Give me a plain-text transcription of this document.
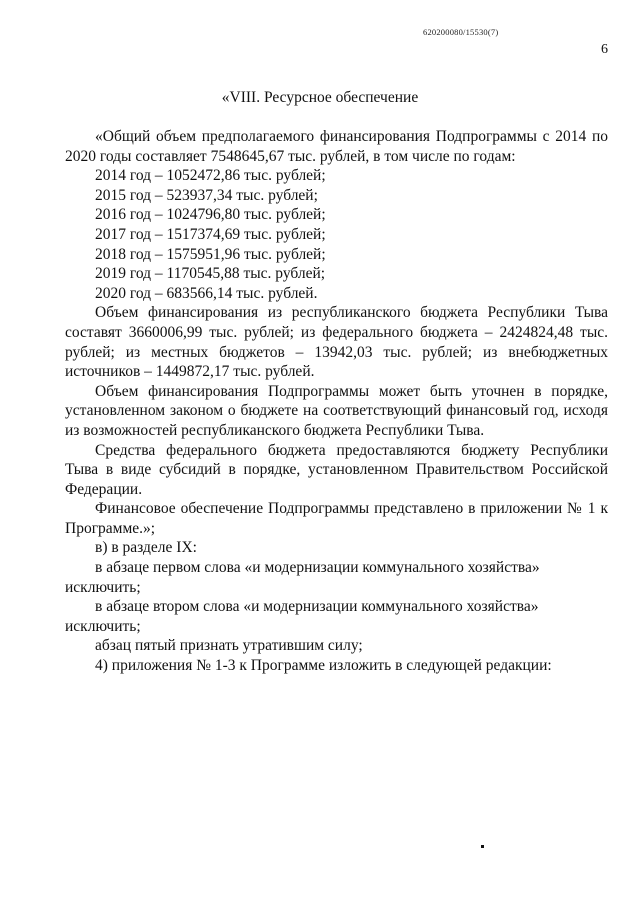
620200080/15530(7)
6
«VIII. Ресурсное обеспечение

«Общий объем предполагаемого финансирования Подпрограммы с 2014 по 2020 годы составляет 7548645,67 тыс. рублей, в том числе по годам:

2014 год – 1052472,86 тыс. рублей;

2015 год – 523937,34 тыс. рублей;

2016 год – 1024796,80 тыс. рублей;

2017 год – 1517374,69 тыс. рублей;

2018 год – 1575951,96 тыс. рублей;

2019 год – 1170545,88 тыс. рублей;

2020 год – 683566,14 тыс. рублей.

Объем финансирования из республиканского бюджета Республики Тыва составят 3660006,99 тыс. рублей; из федерального бюджета – 2424824,48 тыс. рублей; из местных бюджетов – 13942,03 тыс. рублей; из внебюджетных источников – 1449872,17 тыс. рублей.

Объем финансирования Подпрограммы может быть уточнен в порядке, установленном законом о бюджете на соответствующий финансовый год, исходя из возможностей республиканского бюджета Республики Тыва.

Средства федерального бюджета предоставляются бюджету Республики Тыва в виде субсидий в порядке, установленном Правительством Российской Федерации.

Финансовое обеспечение Подпрограммы представлено в приложении № 1 к Программе.»;

в) в разделе IX:

в абзаце первом слова «и модернизации коммунального хозяйства» исключить;

в абзаце втором слова «и модернизации коммунального хозяйства» исключить;

абзац пятый признать утратившим силу;

4) приложения № 1-3 к Программе изложить в следующей редакции:
